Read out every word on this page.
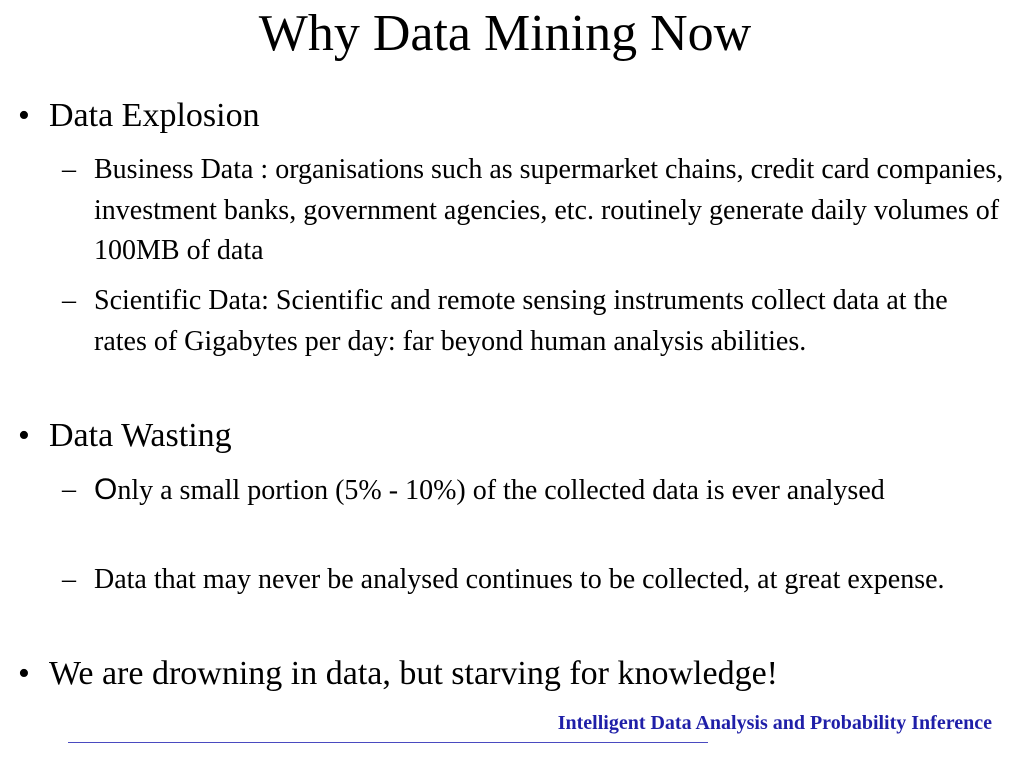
Why Data Mining Now
• Data Explosion
– Business Data : organisations such as supermarket chains, credit card companies, investment banks, government agencies, etc. routinely generate daily volumes of 100MB of data
– Scientific Data: Scientific and remote sensing instruments collect data at the rates of Gigabytes per day: far beyond human analysis abilities.
• Data Wasting
– Only a small portion (5% - 10%) of the collected data is ever analysed
– Data that may never be analysed continues to be collected, at great expense.
• We are drowning in data, but starving for knowledge!
Intelligent Data Analysis and Probability Inference
